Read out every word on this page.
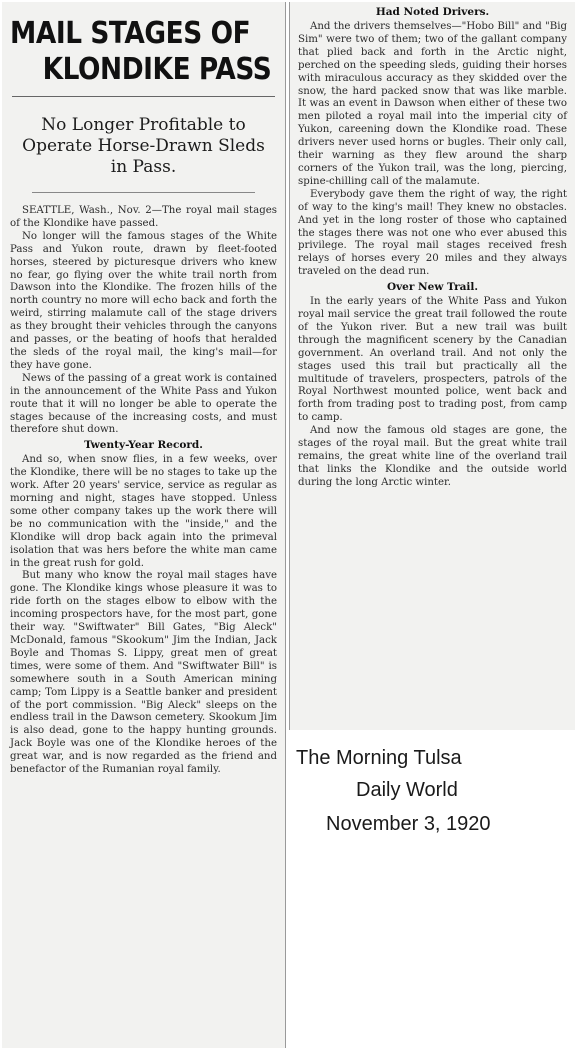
MAIL STAGES OF
KLONDIKE PASS
No Longer Profitable to Operate Horse-Drawn Sleds in Pass.

SEATTLE, Wash., Nov. 2—The royal mail stages of the Klondike have passed.

No longer will the famous stages of the White Pass and Yukon route, drawn by fleet-footed horses, steered by picturesque drivers who knew no fear, go flying over the white trail north from Dawson into the Klondike. The frozen hills of the north country no more will echo back and forth the weird, stirring malamute call of the stage drivers as they brought their vehicles through the canyons and passes, or the beating of hoofs that heralded the sleds of the royal mail, the king's mail—for they have gone.

News of the passing of a great work is contained in the announcement of the White Pass and Yukon route that it will no longer be able to operate the stages because of the increasing costs, and must therefore shut down.

Twenty-Year Record.

And so, when snow flies, in a few weeks, over the Klondike, there will be no stages to take up the work. After 20 years' service, service as regular as morning and night, stages have stopped. Unless some other company takes up the work there will be no communication with the "inside," and the Klondike will drop back again into the primeval isolation that was hers before the white man came in the great rush for gold.

But many who know the royal mail stages have gone. The Klondike kings whose pleasure it was to ride forth on the stages elbow to elbow with the incoming prospectors have, for the most part, gone their way. "Swiftwater" Bill Gates, "Big Aleck" McDonald, famous "Skookum" Jim the Indian, Jack Boyle and Thomas S. Lippy, great men of great times, were some of them. And "Swiftwater Bill" is somewhere south in a South American mining camp; Tom Lippy is a Seattle banker and president of the port commission. "Big Aleck" sleeps on the endless trail in the Dawson cemetery. Skookum Jim is also dead, gone to the happy hunting grounds. Jack Boyle was one of the Klondike heroes of the great war, and is now regarded as the friend and benefactor of the Rumanian royal family.

Had Noted Drivers.

And the drivers themselves—"Hobo Bill" and "Big Sim" were two of them; two of the gallant company that plied back and forth in the Arctic night, perched on the speeding sleds, guiding their horses with miraculous accuracy as they skidded over the snow, the hard packed snow that was like marble. It was an event in Dawson when either of these two men piloted a royal mail into the imperial city of Yukon, careening down the Klondike road. These drivers never used horns or bugles. Their only call, their warning as they flew around the sharp corners of the Yukon trail, was the long, piercing, spine-chilling call of the malamute.

Everybody gave them the right of way, the right of way to the king's mail! They knew no obstacles. And yet in the long roster of those who captained the stages there was not one who ever abused this privilege. The royal mail stages received fresh relays of horses every 20 miles and they always traveled on the dead run.

Over New Trail.

In the early years of the White Pass and Yukon royal mail service the great trail followed the route of the Yukon river. But a new trail was built through the magnificent scenery by the Canadian government. An overland trail. And not only the stages used this trail but practically all the multitude of travelers, prospecters, patrols of the Royal Northwest mounted police, went back and forth from trading post to trading post, from camp to camp.

And now the famous old stages are gone, the stages of the royal mail. But the great white trail remains, the great white line of the overland trail that links the Klondike and the outside world during the long Arctic winter.

The Morning Tulsa
Daily World
November 3, 1920
